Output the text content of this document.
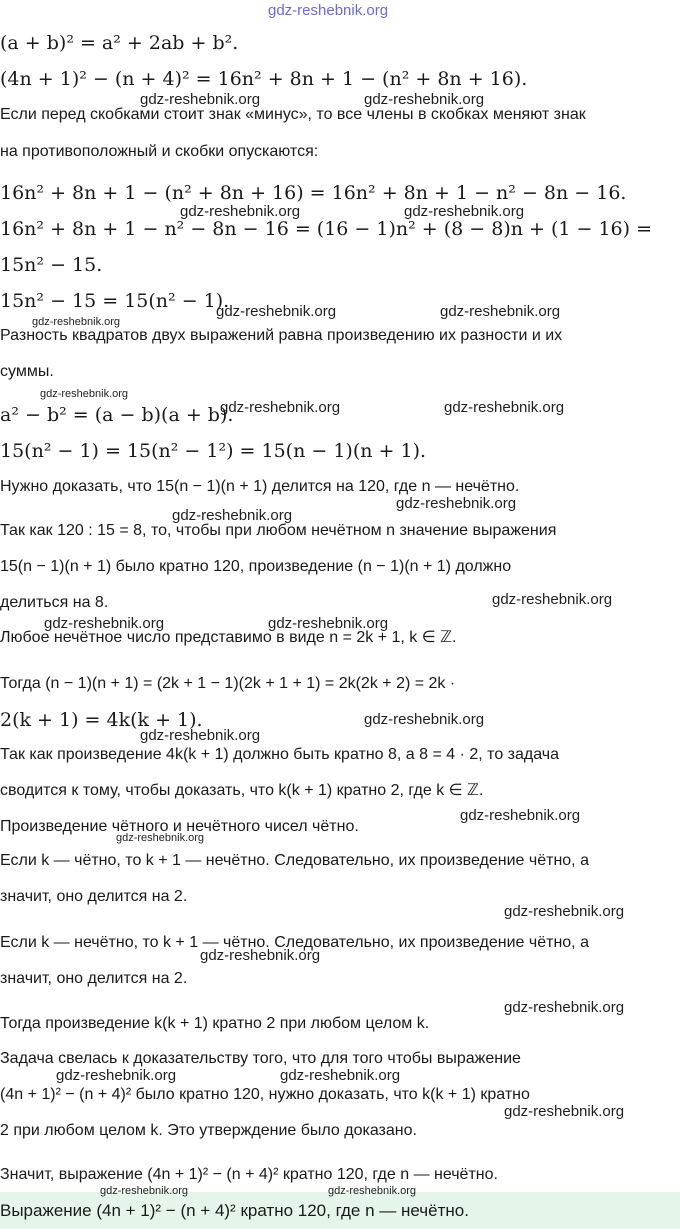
(a + b)² = a² + 2ab + b².
(4n + 1)² − (n + 4)² = 16n² + 8n + 1 − (n² + 8n + 16).
Если перед скобками стоит знак «минус», то все члены в скобках меняют знак
на противоположный и скобки опускаются:
16n² + 8n + 1 − (n² + 8n + 16) = 16n² + 8n + 1 − n² − 8n − 16.
16n² + 8n + 1 − n² − 8n − 16 = (16 − 1)n² + (8 − 8)n + (1 − 16) =
15n² − 15.
15n² − 15 = 15(n² − 1).
Разность квадратов двух выражений равна произведению их разности и их
суммы.
a² − b² = (a − b)(a + b).
15(n² − 1) = 15(n² − 1²) = 15(n − 1)(n + 1).
Нужно доказать, что 15(n − 1)(n + 1) делится на 120, где n — нечётно.
Так как 120 : 15 = 8, то, чтобы при любом нечётном n значение выражения
15(n − 1)(n + 1) было кратно 120, произведение (n − 1)(n + 1) должно
делиться на 8.
Любое нечётное число представимо в виде n = 2k + 1, k ∈ ℤ.
Тогда (n − 1)(n + 1) = (2k + 1 − 1)(2k + 1 + 1) = 2k(2k + 2) = 2k ·
2(k + 1) = 4k(k + 1).
Так как произведение 4k(k + 1) должно быть кратно 8, а 8 = 4 · 2, то задача
сводится к тому, чтобы доказать, что k(k + 1) кратно 2, где k ∈ ℤ.
Произведение чётного и нечётного чисел чётно.
Если k — чётно, то k + 1 — нечётно. Следовательно, их произведение чётно, а
значит, оно делится на 2.
Если k — нечётно, то k + 1 — чётно. Следовательно, их произведение чётно, а
значит, оно делится на 2.
Тогда произведение k(k + 1) кратно 2 при любом целом k.
Задача свелась к доказательству того, что для того чтобы выражение
(4n + 1)² − (n + 4)² было кратно 120, нужно доказать, что k(k + 1) кратно
2 при любом целом k. Это утверждение было доказано.
Значит, выражение (4n + 1)² − (n + 4)² кратно 120, где n — нечётно.
Выражение (4n + 1)² − (n + 4)² кратно 120, где n — нечётно.
gdz-reshebnik.org
gdz-reshebnik.org	gdz-reshebnik.org
gdz-reshebnik.org	gdz-reshebnik.org
gdz-reshebnik.org	gdz-reshebnik.org
gdz-reshebnik.org
gdz-reshebnik.org
gdz-reshebnik.org	gdz-reshebnik.org
gdz-reshebnik.org
gdz-reshebnik.org
gdz-reshebnik.org
gdz-reshebnik.org	gdz-reshebnik.org
gdz-reshebnik.org
gdz-reshebnik.org
gdz-reshebnik.org
gdz-reshebnik.org
gdz-reshebnik.org
gdz-reshebnik.org
gdz-reshebnik.org
gdz-reshebnik.org	gdz-reshebnik.org
gdz-reshebnik.org
gdz-reshebnik.org	gdz-reshebnik.org
